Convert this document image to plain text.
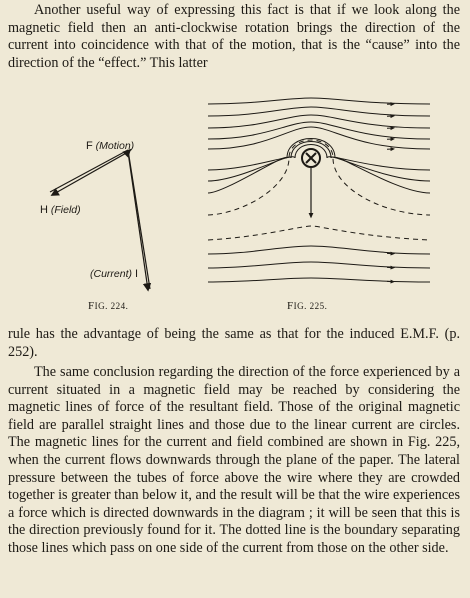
Another useful way of expressing this fact is that if we look along the magnetic field then an anti-clockwise rotation brings the direction of the current into coincidence with that of the motion, that is the “cause” into the direction of the “effect.” This latter

F (Motion)
H (Field)
(Current) I
FIG. 224.	FIG. 225.

rule has the advantage of being the same as that for the induced E.M.F. (p. 252).

The same conclusion regarding the direction of the force experienced by a current situated in a magnetic field may be reached by considering the magnetic lines of force of the resultant field. Those of the original magnetic field are parallel straight lines and those due to the linear current are circles. The magnetic lines for the current and field combined are shown in Fig. 225, when the current flows downwards through the plane of the paper. The lateral pressure between the tubes of force above the wire where they are crowded together is greater than below it, and the result will be that the wire experiences a force which is directed downwards in the diagram ; it will be seen that this is the direction previously found for it. The dotted line is the boundary separating those lines which pass on one side of the current from those on the other side.
